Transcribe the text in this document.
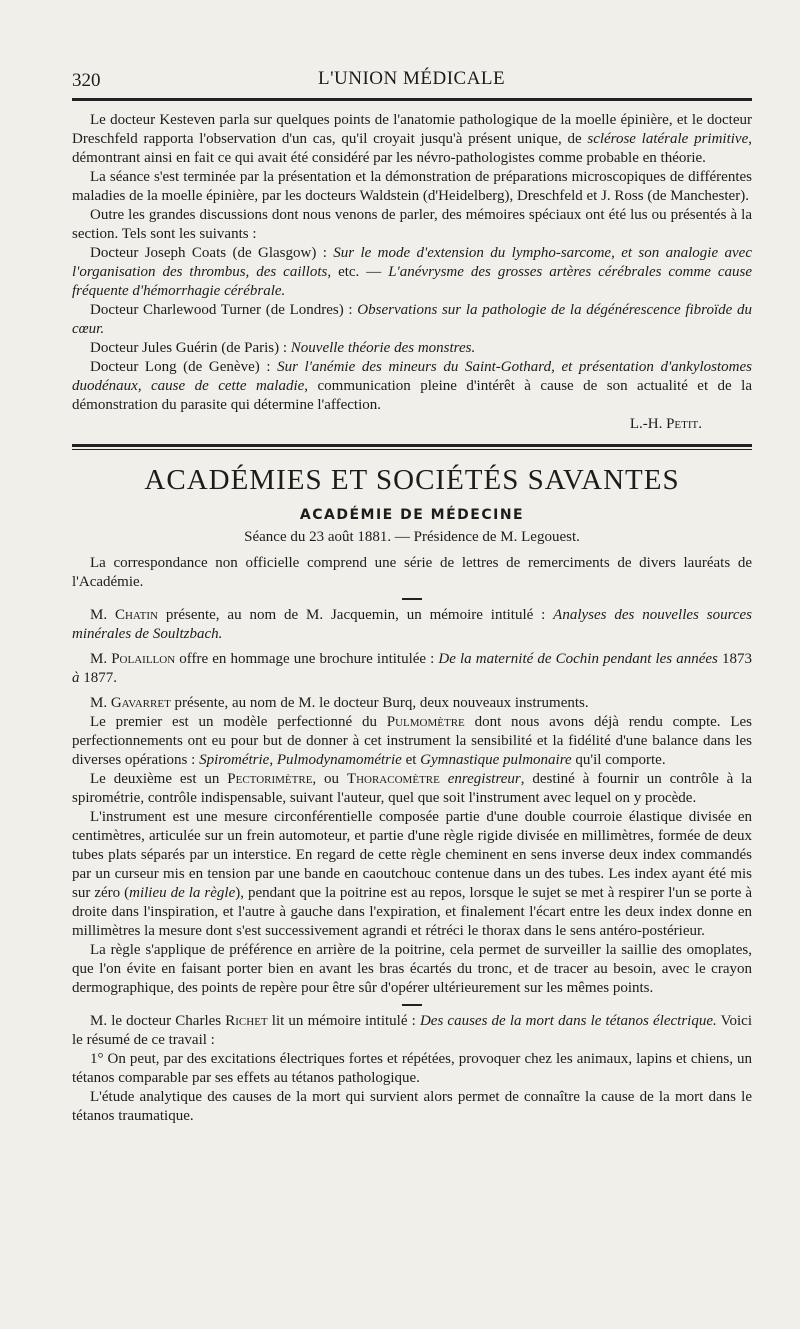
320	L'UNION MÉDICALE

Le docteur Kesteven parla sur quelques points de l'anatomie pathologique de la moelle épinière, et le docteur Dreschfeld rapporta l'observation d'un cas, qu'il croyait jusqu'à présent unique, de sclérose latérale primitive, démontrant ainsi en fait ce qui avait été considéré par les névro-pathologistes comme probable en théorie.

La séance s'est terminée par la présentation et la démonstration de préparations microscopiques de différentes maladies de la moelle épinière, par les docteurs Waldstein (d'Heidelberg), Dreschfeld et J. Ross (de Manchester).

Outre les grandes discussions dont nous venons de parler, des mémoires spéciaux ont été lus ou présentés à la section. Tels sont les suivants :

Docteur Joseph Coats (de Glasgow) : Sur le mode d'extension du lympho-sarcome, et son analogie avec l'organisation des thrombus, des caillots, etc. — L'anévrysme des grosses artères cérébrales comme cause fréquente d'hémorrhagie cérébrale.

Docteur Charlewood Turner (de Londres) : Observations sur la pathologie de la dégénérescence fibroïde du cœur.

Docteur Jules Guérin (de Paris) : Nouvelle théorie des monstres.

Docteur Long (de Genève) : Sur l'anémie des mineurs du Saint-Gothard, et présentation d'ankylostomes duodénaux, cause de cette maladie, communication pleine d'intérêt à cause de son actualité et de la démonstration du parasite qui détermine l'affection.

L.-H. Petit.
ACADÉMIES ET SOCIÉTÉS SAVANTES
ACADÉMIE DE MÉDECINE
Séance du 23 août 1881. — Présidence de M. Legouest.

La correspondance non officielle comprend une série de lettres de remerciments de divers lauréats de l'Académie.

M. Chatin présente, au nom de M. Jacquemin, un mémoire intitulé : Analyses des nouvelles sources minérales de Soultzbach.

M. Polaillon offre en hommage une brochure intitulée : De la maternité de Cochin pendant les années 1873 à 1877.

M. Gavarret présente, au nom de M. le docteur Burq, deux nouveaux instruments.

Le premier est un modèle perfectionné du Pulmomètre dont nous avons déjà rendu compte. Les perfectionnements ont eu pour but de donner à cet instrument la sensibilité et la fidélité d'une balance dans les diverses opérations : Spirométrie, Pulmodynamométrie et Gymnastique pulmonaire qu'il comporte.

Le deuxième est un Pectorimètre, ou Thoracomètre enregistreur, destiné à fournir un contrôle à la spirométrie, contrôle indispensable, suivant l'auteur, quel que soit l'instrument avec lequel on y procède.

L'instrument est une mesure circonférentielle composée partie d'une double courroie élastique divisée en centimètres, articulée sur un frein automoteur, et partie d'une règle rigide divisée en millimètres, formée de deux tubes plats séparés par un interstice. En regard de cette règle cheminent en sens inverse deux index commandés par un curseur mis en tension par une bande en caoutchouc contenue dans un des tubes. Les index ayant été mis sur zéro (milieu de la règle), pendant que la poitrine est au repos, lorsque le sujet se met à respirer l'un se porte à droite dans l'inspiration, et l'autre à gauche dans l'expiration, et finalement l'écart entre les deux index donne en millimètres la mesure dont s'est successivement agrandi et rétréci le thorax dans le sens antéro-postérieur.

La règle s'applique de préférence en arrière de la poitrine, cela permet de surveiller la saillie des omoplates, que l'on évite en faisant porter bien en avant les bras écartés du tronc, et de tracer au besoin, avec le crayon dermographique, des points de repère pour être sûr d'opérer ultérieurement sur les mêmes points.

M. le docteur Charles Richet lit un mémoire intitulé : Des causes de la mort dans le tétanos électrique. Voici le résumé de ce travail :

1° On peut, par des excitations électriques fortes et répétées, provoquer chez les animaux, lapins et chiens, un tétanos comparable par ses effets au tétanos pathologique.

L'étude analytique des causes de la mort qui survient alors permet de connaître la cause de la mort dans le tétanos traumatique.
